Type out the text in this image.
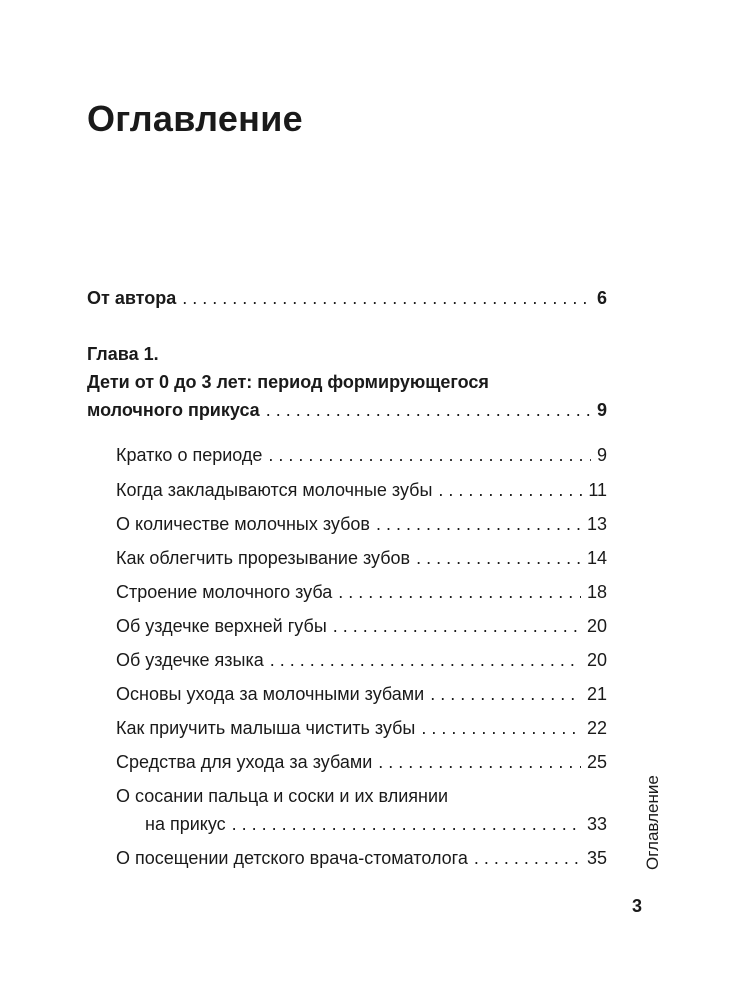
Оглавление
От автора . . .	6
Глава 1.
Дети от 0 до 3 лет: период формирующегося
молочного прикуса . . .	9
Кратко о периоде . . .	9
Когда закладываются молочные зубы . . .	11
О количестве молочных зубов . . .	13
Как облегчить прорезывание зубов . . .	14
Строение молочного зуба . . .	18
Об уздечке верхней губы . . .	20
Об уздечке языка . . .	20
Основы ухода за молочными зубами . . .	21
Как приучить малыша чистить зубы . . .	22
Средства для ухода за зубами . . .	25
О сосании пальца и соски и их влиянии
на прикус . . .	33
О посещении детского врача-стоматолога . . .	35 Оглавление
3
